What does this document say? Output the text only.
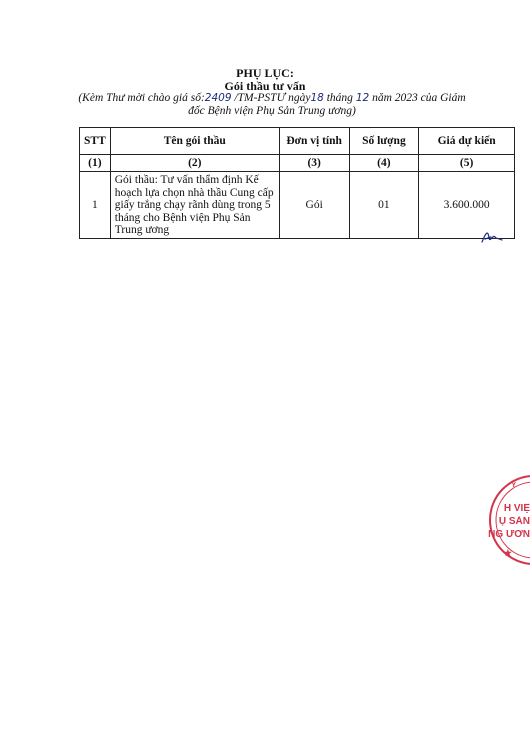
PHỤ LỤC:
Gói thầu tư vấn
(Kèm Thư mời chào giá số:2409 /TM-PSTƯ ngày18 tháng 12 năm 2023 của Giám đốc Bệnh viện Phụ Sản Trung ương)
STT	Tên gói thầu	Đơn vị tính	Số lượng	Giá dự kiến
(1)	(2)	(3)	(4)	(5)
1	Gói thầu: Tư vấn thẩm định Kế hoạch lựa chọn nhà thầu Cung cấp giấy trắng chạy rãnh dùng trong 5 tháng cho Bệnh viện Phụ Sản Trung ương	Gói	01	3.600.000
Y
H VIỆ
Ụ SẢN
NG ƯƠN
★
